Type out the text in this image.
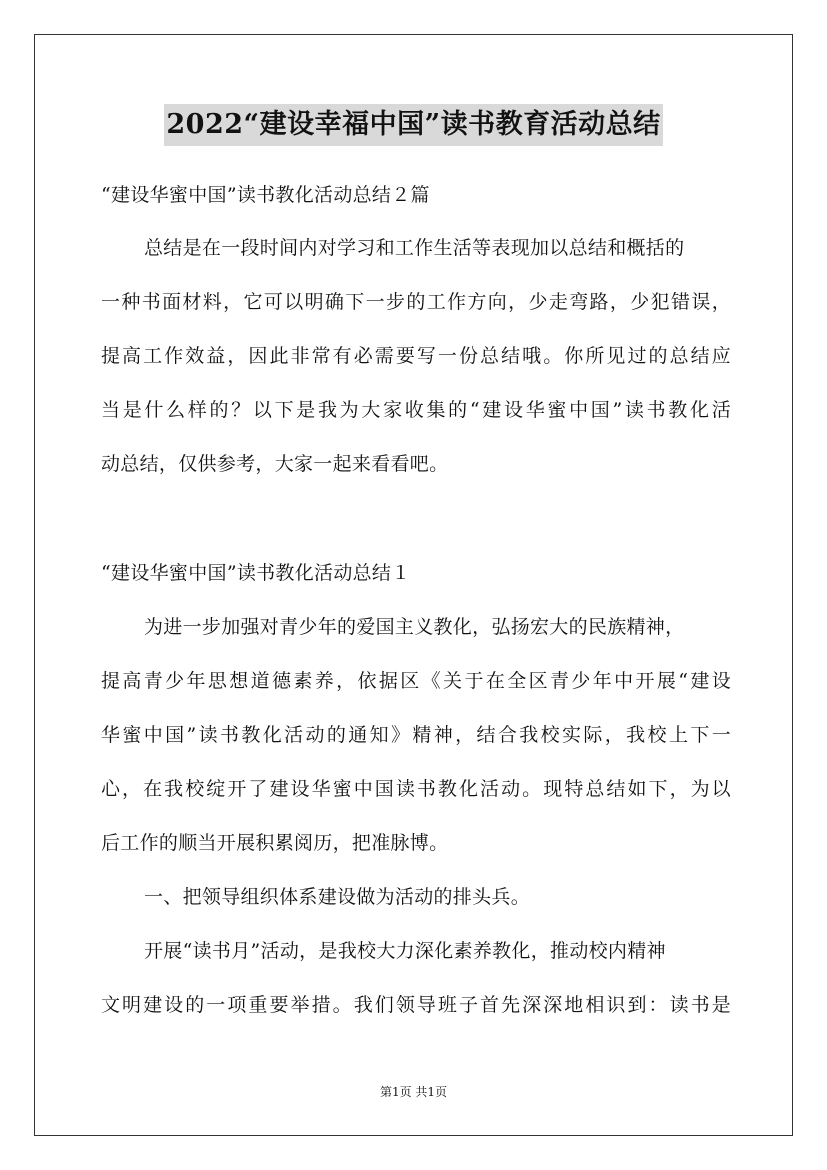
2022“建设幸福中国”读书教育活动总结
“建设华蜜中国”读书教化活动总结２篇
总结是在一段时间内对学习和工作生活等表现加以总结和概括的
一种书面材料，它可以明确下一步的工作方向，少走弯路，少犯错误，
提高工作效益，因此非常有必需要写一份总结哦。你所见过的总结应
当是什么样的？以下是我为大家收集的“建设华蜜中国”读书教化活
动总结，仅供参考，大家一起来看看吧。
“建设华蜜中国”读书教化活动总结１
为进一步加强对青少年的爱国主义教化，弘扬宏大的民族精神，
提高青少年思想道德素养，依据区《关于在全区青少年中开展“建设
华蜜中国”读书教化活动的通知》精神，结合我校实际，我校上下一
心，在我校绽开了建设华蜜中国读书教化活动。现特总结如下，为以
后工作的顺当开展积累阅历，把准脉博。
一、把领导组织体系建设做为活动的排头兵。
开展“读书月”活动，是我校大力深化素养教化，推动校内精神
文明建设的一项重要举措。我们领导班子首先深深地相识到：读书是
第1页 共1页
